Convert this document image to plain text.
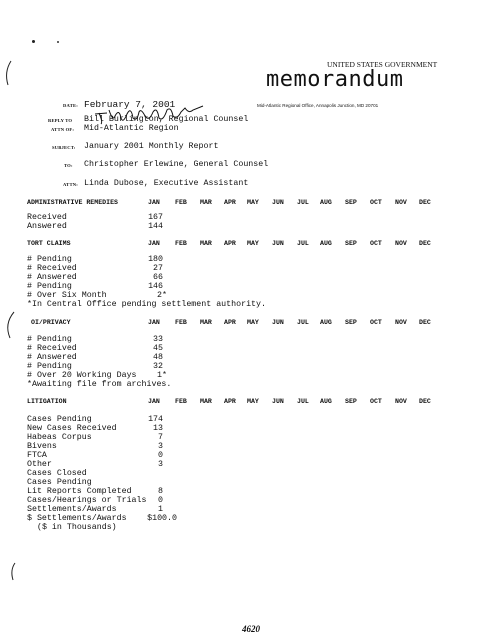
UNITED STATES GOVERNMENT
memorandum
Mid-Atlantic Regional Office, Annapolis Junction, MD 20701
DATE: February 7, 2001
REPLY TO Bill Burlington, Regional Counsel
ATTN OF: Mid-Atlantic Region
SUBJECT: January 2001 Monthly Report
TO: Christopher Erlewine, General Counsel
ATTN: Linda Dubose, Executive Assistant
ADMINISTRATIVE REMEDIES	JAN FEB MAR APR MAY JUN JUL AUG SEP OCT NOV DEC
Received	167
Answered	144
TORT CLAIMS	JAN FEB MAR APR MAY JUN JUL AUG SEP OCT NOV DEC
# Pending	180
# Received	27
# Answered	66
# Pending	146
# Over Six Month	2*
*In Central Office pending settlement authority.
OI/PRIVACY	JAN FEB MAR APR MAY JUN JUL AUG SEP OCT NOV DEC
# Pending	33
# Received	45
# Answered	48
# Pending	32
# Over 20 Working Days	1*
*Awaiting file from archives.
LITIGATION	JAN FEB MAR APR MAY JUN JUL AUG SEP OCT NOV DEC
Cases Pending	174
New Cases Received	13
Habeas Corpus	7
Bivens	3
FTCA	0
Other	3
Cases Closed
Cases Pending
Lit Reports Completed	8
Cases/Hearings or Trials	0
Settlements/Awards	1
$ Settlements/Awards	$100.0
($ in Thousands)
4620
